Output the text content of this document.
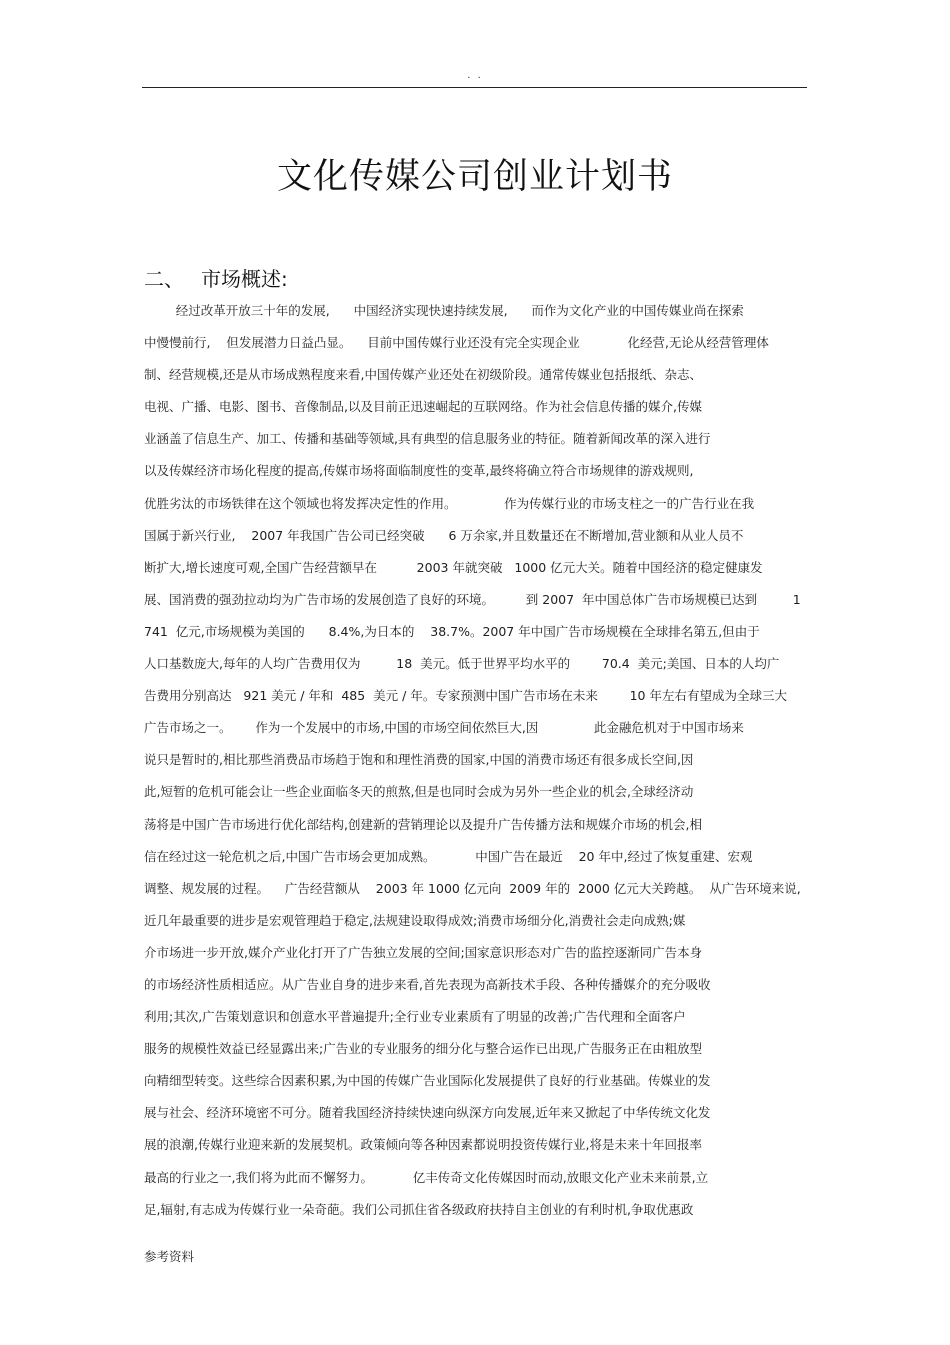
. .
文化传媒公司创业计划书
二、 市场概述:
经过改革开放三十年的发展,      中国经济实现快速持续发展,      而作为文化产业的中国传媒业尚在探索
中慢慢前行,    但发展潜力日益凸显。    目前中国传媒行业还没有完全实现企业            化经营,无论从经营管理体
制、经营规模,还是从市场成熟程度来看,中国传媒产业还处在初级阶段。通常传媒业包括报纸、杂志、
电视、广播、电影、图书、音像制品,以及目前正迅速崛起的互联网络。作为社会信息传播的媒介,传媒
业涵盖了信息生产、加工、传播和基础等领域,具有典型的信息服务业的特征。随着新闻改革的深入进行
以及传媒经济市场化程度的提高,传媒市场将面临制度性的变革,最终将确立符合市场规律的游戏规则,
优胜劣汰的市场铁律在这个领域也将发挥决定性的作用。            作为传媒行业的市场支柱之一的广告行业在我
国属于新兴行业,    2007 年我国广告公司已经突破      6 万余家,并且数量还在不断增加,营业额和从业人员不
断扩大,增长速度可观,全国广告经营额早在          2003 年就突破   1000 亿元大关。随着中国经济的稳定健康发
展、国消费的强劲拉动均为广告市场的发展创造了良好的环境。        到 2007  年中国总体广告市场规模已达到         1
741  亿元,市场规模为美国的      8.4%,为日本的    38.7%。2007 年中国广告市场规模在全球排名第五,但由于
人口基数庞大,每年的人均广告费用仅为         18  美元。低于世界平均水平的        70.4  美元;美国、日本的人均广
告费用分别高达   921 美元 / 年和  485  美元 / 年。专家预测中国广告市场在未来        10 年左右有望成为全球三大
广告市场之一。      作为一个发展中的市场,中国的市场空间依然巨大,因              此金融危机对于中国市场来
说只是暂时的,相比那些消费品市场趋于饱和和理性消费的国家,中国的消费市场还有很多成长空间,因
此,短暂的危机可能会让一些企业面临冬天的煎熬,但是也同时会成为另外一些企业的机会,全球经济动
荡将是中国广告市场进行优化部结构,创建新的营销理论以及提升广告传播方法和规媒介市场的机会,相
信在经过这一轮危机之后,中国广告市场会更加成熟。          中国广告在最近    20 年中,经过了恢复重建、宏观
调整、规发展的过程。    广告经营额从    2003 年 1000 亿元向  2009 年的  2000 亿元大关跨越。  从广告环境来说,
近几年最重要的进步是宏观管理趋于稳定,法规建设取得成效;消费市场细分化,消费社会走向成熟;媒
介市场进一步开放,媒介产业化打开了广告独立发展的空间;国家意识形态对广告的监控逐渐同广告本身
的市场经济性质相适应。从广告业自身的进步来看,首先表现为高新技术手段、各种传播媒介的充分吸收
利用;其次,广告策划意识和创意水平普遍提升;全行业专业素质有了明显的改善;广告代理和全面客户
服务的规模性效益已经显露出来;广告业的专业服务的细分化与整合运作已出现,广告服务正在由粗放型
向精细型转变。这些综合因素积累,为中国的传媒广告业国际化发展提供了良好的行业基础。传媒业的发
展与社会、经济环境密不可分。随着我国经济持续快速向纵深方向发展,近年来又掀起了中华传统文化发
展的浪潮,传媒行业迎来新的发展契机。政策倾向等各种因素都说明投资传媒行业,将是未来十年回报率
最高的行业之一,我们将为此而不懈努力。          亿丰传奇文化传媒因时而动,放眼文化产业未来前景,立
足,辐射,有志成为传媒行业一朵奇葩。我们公司抓住省各级政府扶持自主创业的有利时机,争取优惠政
参考资料
